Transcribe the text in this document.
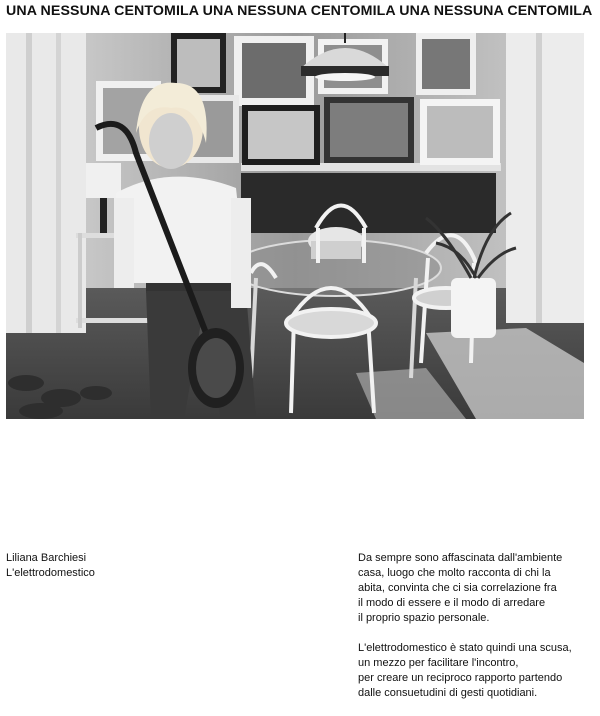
UNA NESSUNA CENTOMILA UNA NESSUNA CENTOMILA UNA NESSUNA CENTOMILA
Liliana Barchiesi
L'elettrodomestico
Da sempre sono affascinata dall'ambiente
casa, luogo che molto racconta di chi la
abita, convinta che ci sia correlazione fra
il modo di essere e il modo di arredare
il proprio spazio personale.
L'elettrodomestico è stato quindi una scusa,
un mezzo per facilitare l'incontro,
per creare un reciproco rapporto partendo
dalle consuetudini di gesti quotidiani.
